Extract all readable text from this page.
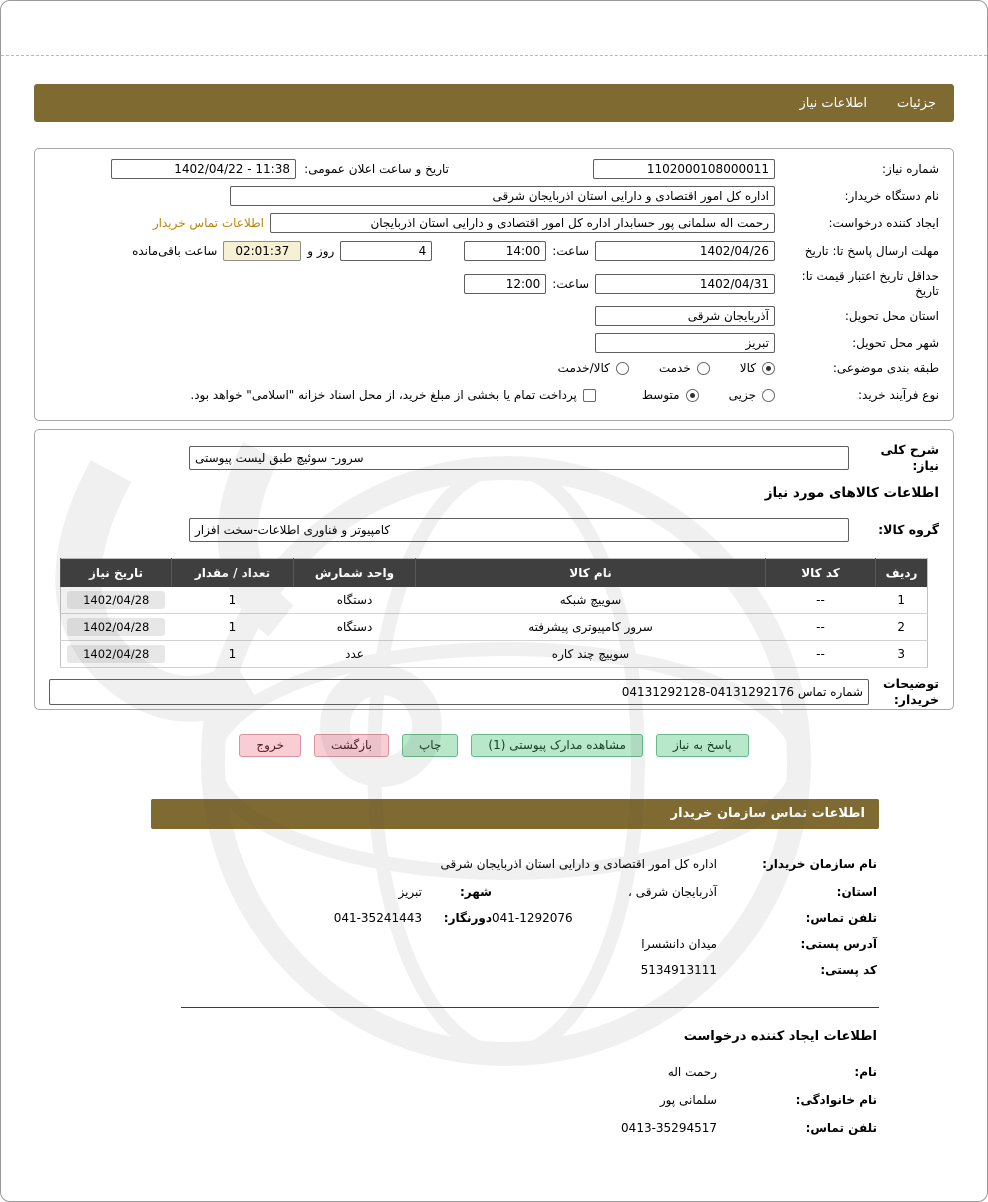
جزئیات
اطلاعات نیاز
شماره نیاز:
1102000108000011
تاریخ و ساعت اعلان عمومی:
1402/04/22 - 11:38
نام دستگاه خریدار:
اداره کل امور اقتصادی و دارایی استان اذربایجان شرقی
ایجاد کننده درخواست:
رحمت اله سلمانی پور حسابدار اداره کل امور اقتصادی و دارایی استان اذربایجان
اطلاعات تماس خریدار
مهلت ارسال پاسخ تا: تاریخ
1402/04/26
ساعت:
14:00
4
روز و
02:01:37
ساعت باقی‌مانده
حداقل تاریخ اعتبار قیمت تا: تاریخ
1402/04/31
ساعت:
12:00
استان محل تحویل:
آذربایجان شرقی
شهر محل تحویل:
تبریز
طبقه بندی موضوعی:
کالا
خدمت
کالا/خدمت
نوع فرآیند خرید:
جزیی
متوسط
پرداخت تمام یا بخشی از مبلغ خرید، از محل اسناد خزانه "اسلامی" خواهد بود.
شرح کلی نیاز:
سرور- سوئیچ طبق لیست پیوستی
اطلاعات کالاهای مورد نیاز
گروه کالا:
کامپیوتر و فناوری اطلاعات-سخت افزار
ردیف	کد کالا	نام کالا	واحد شمارش	تعداد / مقدار	تاریخ نیاز
1	--	سوییچ شبکه	دستگاه	1	1402/04/28
2	--	سرور کامپیوتری پیشرفته	دستگاه	1	1402/04/28
3	--	سوییچ چند کاره	عدد	1	1402/04/28
توضیحات خریدار:
شماره تماس 04131292176-04131292128
پاسخ به نیاز
مشاهده مدارک پیوستی (1)
چاپ
بازگشت
خروج
اطلاعات تماس سازمان خریدار
نام سازمان خریدار:
اداره کل امور اقتصادی و دارایی استان اذربایجان شرقی
استان:
آذربایجان شرقی ،
شهر:
تبریز
تلفن تماس:
041-1292076
دورنگار:
041-35241443
آدرس پستی:
میدان دانشسرا
کد پستی:
5134913111
اطلاعات ایجاد کننده درخواست
نام:
رحمت اله
نام خانوادگی:
سلمانی پور
تلفن تماس:
0413-35294517
